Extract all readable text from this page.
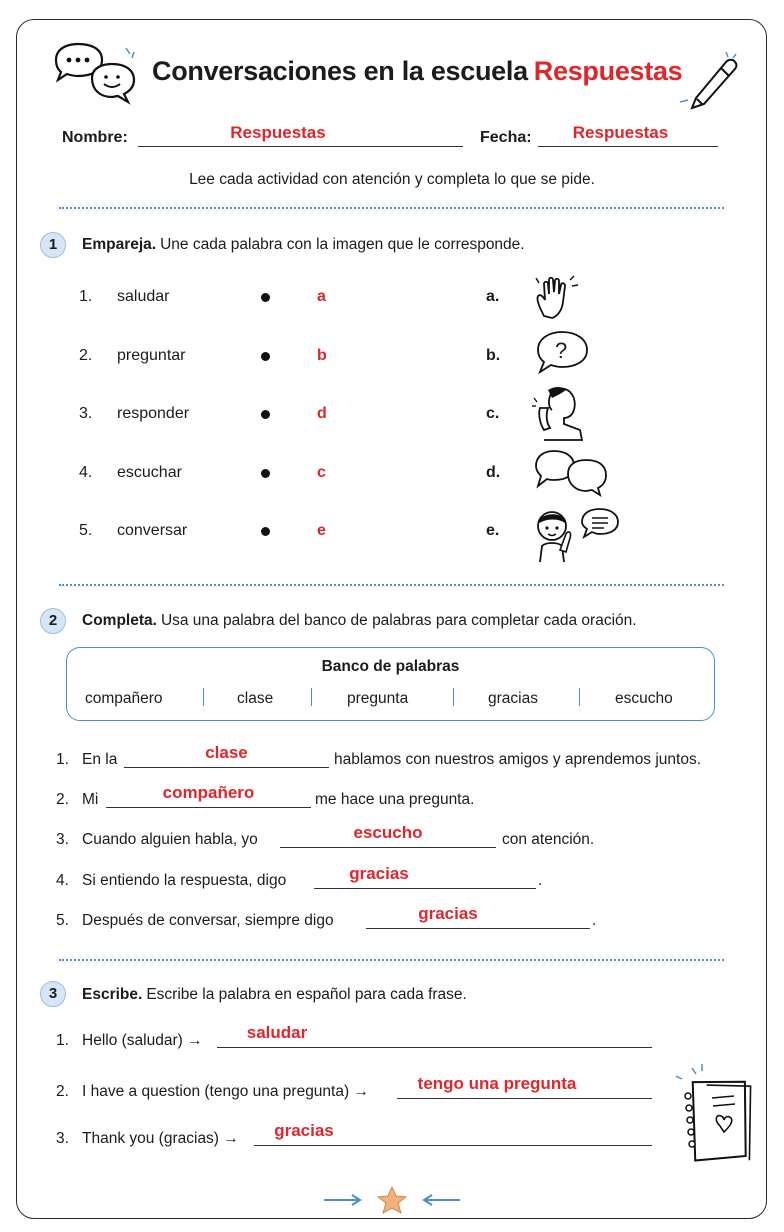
Conversaciones en la escuela Respuestas
Nombre:	Respuestas	Fecha:	Respuestas
Lee cada actividad con atención y completa lo que se pide.
1	Empareja. Une cada palabra con la imagen que le corresponde.
1. saludar	a	a.
2. preguntar	b	b. ?
3. responder	d	c.
4. escuchar	c	d.
5. conversar	e	e.
2	Completa. Usa una palabra del banco de palabras para completar cada oración.
Banco de palabras
compañero	clase	pregunta	gracias	escucho
1. En la	clase	hablamos con nuestros amigos y aprendemos juntos.
2. Mi	compañero	me hace una pregunta.
3. Cuando alguien habla, yo	escucho	con atención.
4. Si entiendo la respuesta, digo	gracias	.
5. Después de conversar, siempre digo	gracias	.
3	Escribe. Escribe la palabra en español para cada frase.
1. Hello (saludar) →	saludar
2. I have a question (tengo una pregunta) →	tengo una pregunta
3. Thank you (gracias) →	gracias
